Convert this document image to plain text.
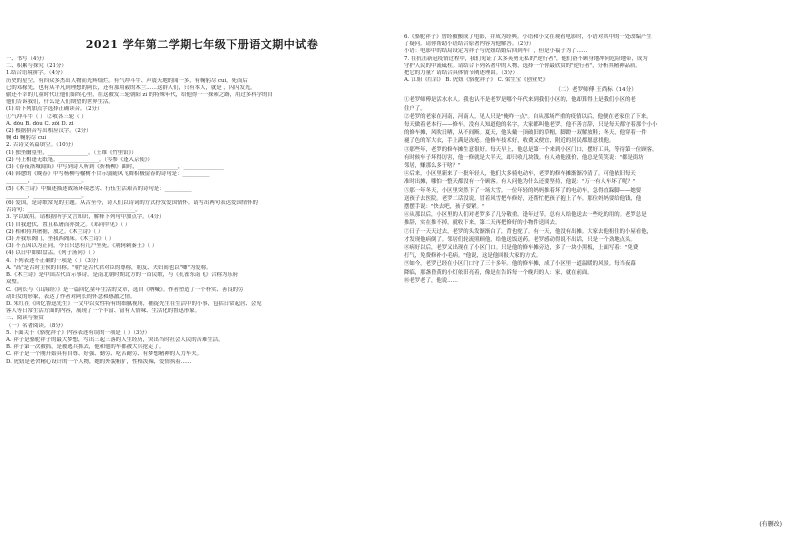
2021 学年第二学期七年级下册语文期中试卷
一、书写（4分）
二、积累与探究（21分）
1.结合语境拼字。（4分）
历史的星空，有四众多杰出人物而光辉灿烂。有气冲斗牛、声震天地的闻一多，有鞠躬尽 cuì，死而后
已的邓稼先，也有从平凡到理想的阿长，还有那用毅的木兰……这群人们，只有本人，就是 ，闪闪发光。
偷还不幸的儿童时代让他们始终心里，在这被发三轮朝阳 zì 的特殊年代，给他得一一探索之路，用过多科学的自
他们告诉我们，什么是人们期望的世界生活。
(1) 给下列加点字选择正确读音。（2分）
①气冲斗牛（ ） ②收各三轮（ ）
A. dǒu B. dòu C. zǒi D. zǐ
(2) 根据拼音写出相应汉字。（2分）
鞠 dì 鞠躬尽 cuì
2. 古诗文名篇填空。（10分）
(1) 独坐幽篁里，_______________。（王维《竹里馆》）
(2) 马上相逢无纸笔，_______________。（岑参《逢入京使》）
(3)《春夜洛城闻笛》中写到诗人听到《折杨柳》曲时，_______________，_______________
(4) 韩愈的《晚春》中写杨柳与榆树不甘示弱随风飞舞积极留春的诗句是：__________
________，__________________。
(5)《木兰诗》中描述描述战场环境恶劣、行伍生活艰苦的诗句是：__________
________，__________________。
(6) 爱国，是诗歌常见的主题。从古至今，诗人们以诗词的方式抒发爱国情怀。请写出两句表达爱国情怀的
古诗句：________________________________________。
3. 学以致用。请根据所学文言知识，解释下列句中加点字。（4分）
(1) 自我进伏，置且私屠而亦贤之。《邓同中见》（ ）
(2) 相和持其屠据，放之。《木兰诗》（ ）
(3) 开我东阁门，坐我西阁床。《木兰诗》（ ）
(3) 不五因以为正同，今日只思有几户坐死。《荆轲刺秦王》（ ）
(4) 以日中如如盘盂。《列子汤问》（ ）
4. 下列表述不正确的一项是（ ）（3分）
A. "高"是古时主侯的自称。"朝"是古代君对臣的尊称，朋友、夫妇间也以"卿"为爱称。
B.《木兰诗》是中国古代首示事诗，是南北朝时期北方的一首民歌，与《孔雀东南飞》合称为乐府
双璧。
C.《阿长与〈山海经〉》是一篇回忆童年生活的文章，选自《呐喊》。作者塑造了一个朴实、善良的劳
动妇女的形象，表达了作者对阿长的怀念和感激之情。
D. 朱红在《回忆鲁迅先生》一文中以女性特有的细腻视角，捕捉先生在生活中的小事，包括日常起居、会见
客人等日常生活方面的内容，展现了一个丰富、富有人情味、生活化的鲁迅形象。
三、阅读与鉴赏
（一）名著阅读。（8分）
5. 下面关于《骆驼祥子》内容表述有误的一项是（ ）（3分）
A. 祥子是骆驼祥子的最大梦想，写出三起三落的人生经历，突出当时社会人民的苦难生活。
B. 祥子第一次被抓，是被逃兵抓去，他和他的车都被大兵抢走了。
C. 祥子是一个刚开始具有自尊、好强、勤劳、吃苦耐劳、有梦想精神的人力车夫。
D. 虎妞是老舍精心设计的一个人物，她的外貌粗犷，性格泼辣，爱情执着……
6.《骆驼祥子》曾经被搬成了电影，并成为经典。小语和小文在观看电影时，小语对其中的一处改编产生
了疑问。请你帮助小语结合原著内容为他解答。（2分）
小语：电影中的结局设定为祥子与虎妞结婚后回到车厂，但是小福子为了……
7. 在抗击新冠疫情过程中，我们见证了太多英勇无私的"逆行者"，他们奋不顾身地冲向危险地带，成为
守护人民的中流砥柱。请结合下列名著中的人物，选择一个你最欣赏的"逆行者"，分析其精神品质。
把它的力量？请结合具体情节阐述理由。（3分）
A. 江姐《红岩》 B. 虎妞《骆驼祥子》 C. 梁生宝《创业史》
（二）老罗师傅 王尚标（14分）
①老罗师傅是活水水人。我也认不是老罗是哪个年代来到我们小区的，他却算得上是我们小区的老
住户了。
②老罗的老家在河南，河南人，见人只是"俺咋一点"。自从那场严重的疫情以后，他便在老家住了下来，
每天做着老本行——修车。没有人知道他的名字，大家都叫他老罗。他不善言辞，只是每天都守着那个小小
的修车摊，风吹日晒，从不间断。夏天，他头戴一顶破旧的草帽，脚蹬一双解放鞋；冬天，他穿着一件
褪了色的军大衣，手上满是冻疮。他修车技术好，收费又便宜，附近的居民都愿意找他。
③那些年，老罗的修车摊生意很好。每天早上，他总是第一个来到小区门口，摆好工具，等待第一位顾客。
有时候车子坏得厉害，他一修就是大半天，却只收几块钱。有人劝他涨价，他总是笑笑说："都是街坊
邻居，赚那么多干啥？"
④后来，小区里新来了一批年轻人，他们大多骑电动车，老罗的修车摊渐渐冷清了。可他依旧每天
准时出摊，哪怕一整天都没有一个顾客。有人问他为什么还要坚持，他说："万一有人车坏了呢？"
⑤那一年冬天，小区里突然下了一场大雪。一位年轻的妈妈推着坏了的电动车，急得直跺脚——她要
送孩子去医院。老罗二话没说，冒着风雪把车修好，还帮忙把孩子抱上了车。那位妈妈要给他钱，他
摆摆手说："快去吧，孩子要紧。"
⑥从那以后，小区里的人们对老罗多了几分敬重。逢年过节，总有人给他送去一些吃的用的。老罗总是
推辞，实在推不掉，就收下来，第二天再把修好的小物件送回去。
⑦日子一天天过去，老罗的头发渐渐白了，背也驼了。有一天，他没有出摊。大家去他租住的小屋看他，
才发现他病倒了。邻居们轮流照顾他，给他送饭送药。老罗感动得说不出话，只是一个劲地点头。
⑧病好以后，老罗又出现在了小区门口。只是他的修车摊旁边，多了一块小黑板，上面写着："免费
打气，免费修补小毛病。"他说，这是他回报大家的方式。
⑨如今，老罗已经在小区门口守了三十多年。他的修车摊，成了小区里一道温暖的风景。每当夜幕
降临，那盏昏黄的小灯依旧亮着，像是在告诉每一个晚归的人：家，就在前面。
⑩老罗老了，他说……
(有删改)
